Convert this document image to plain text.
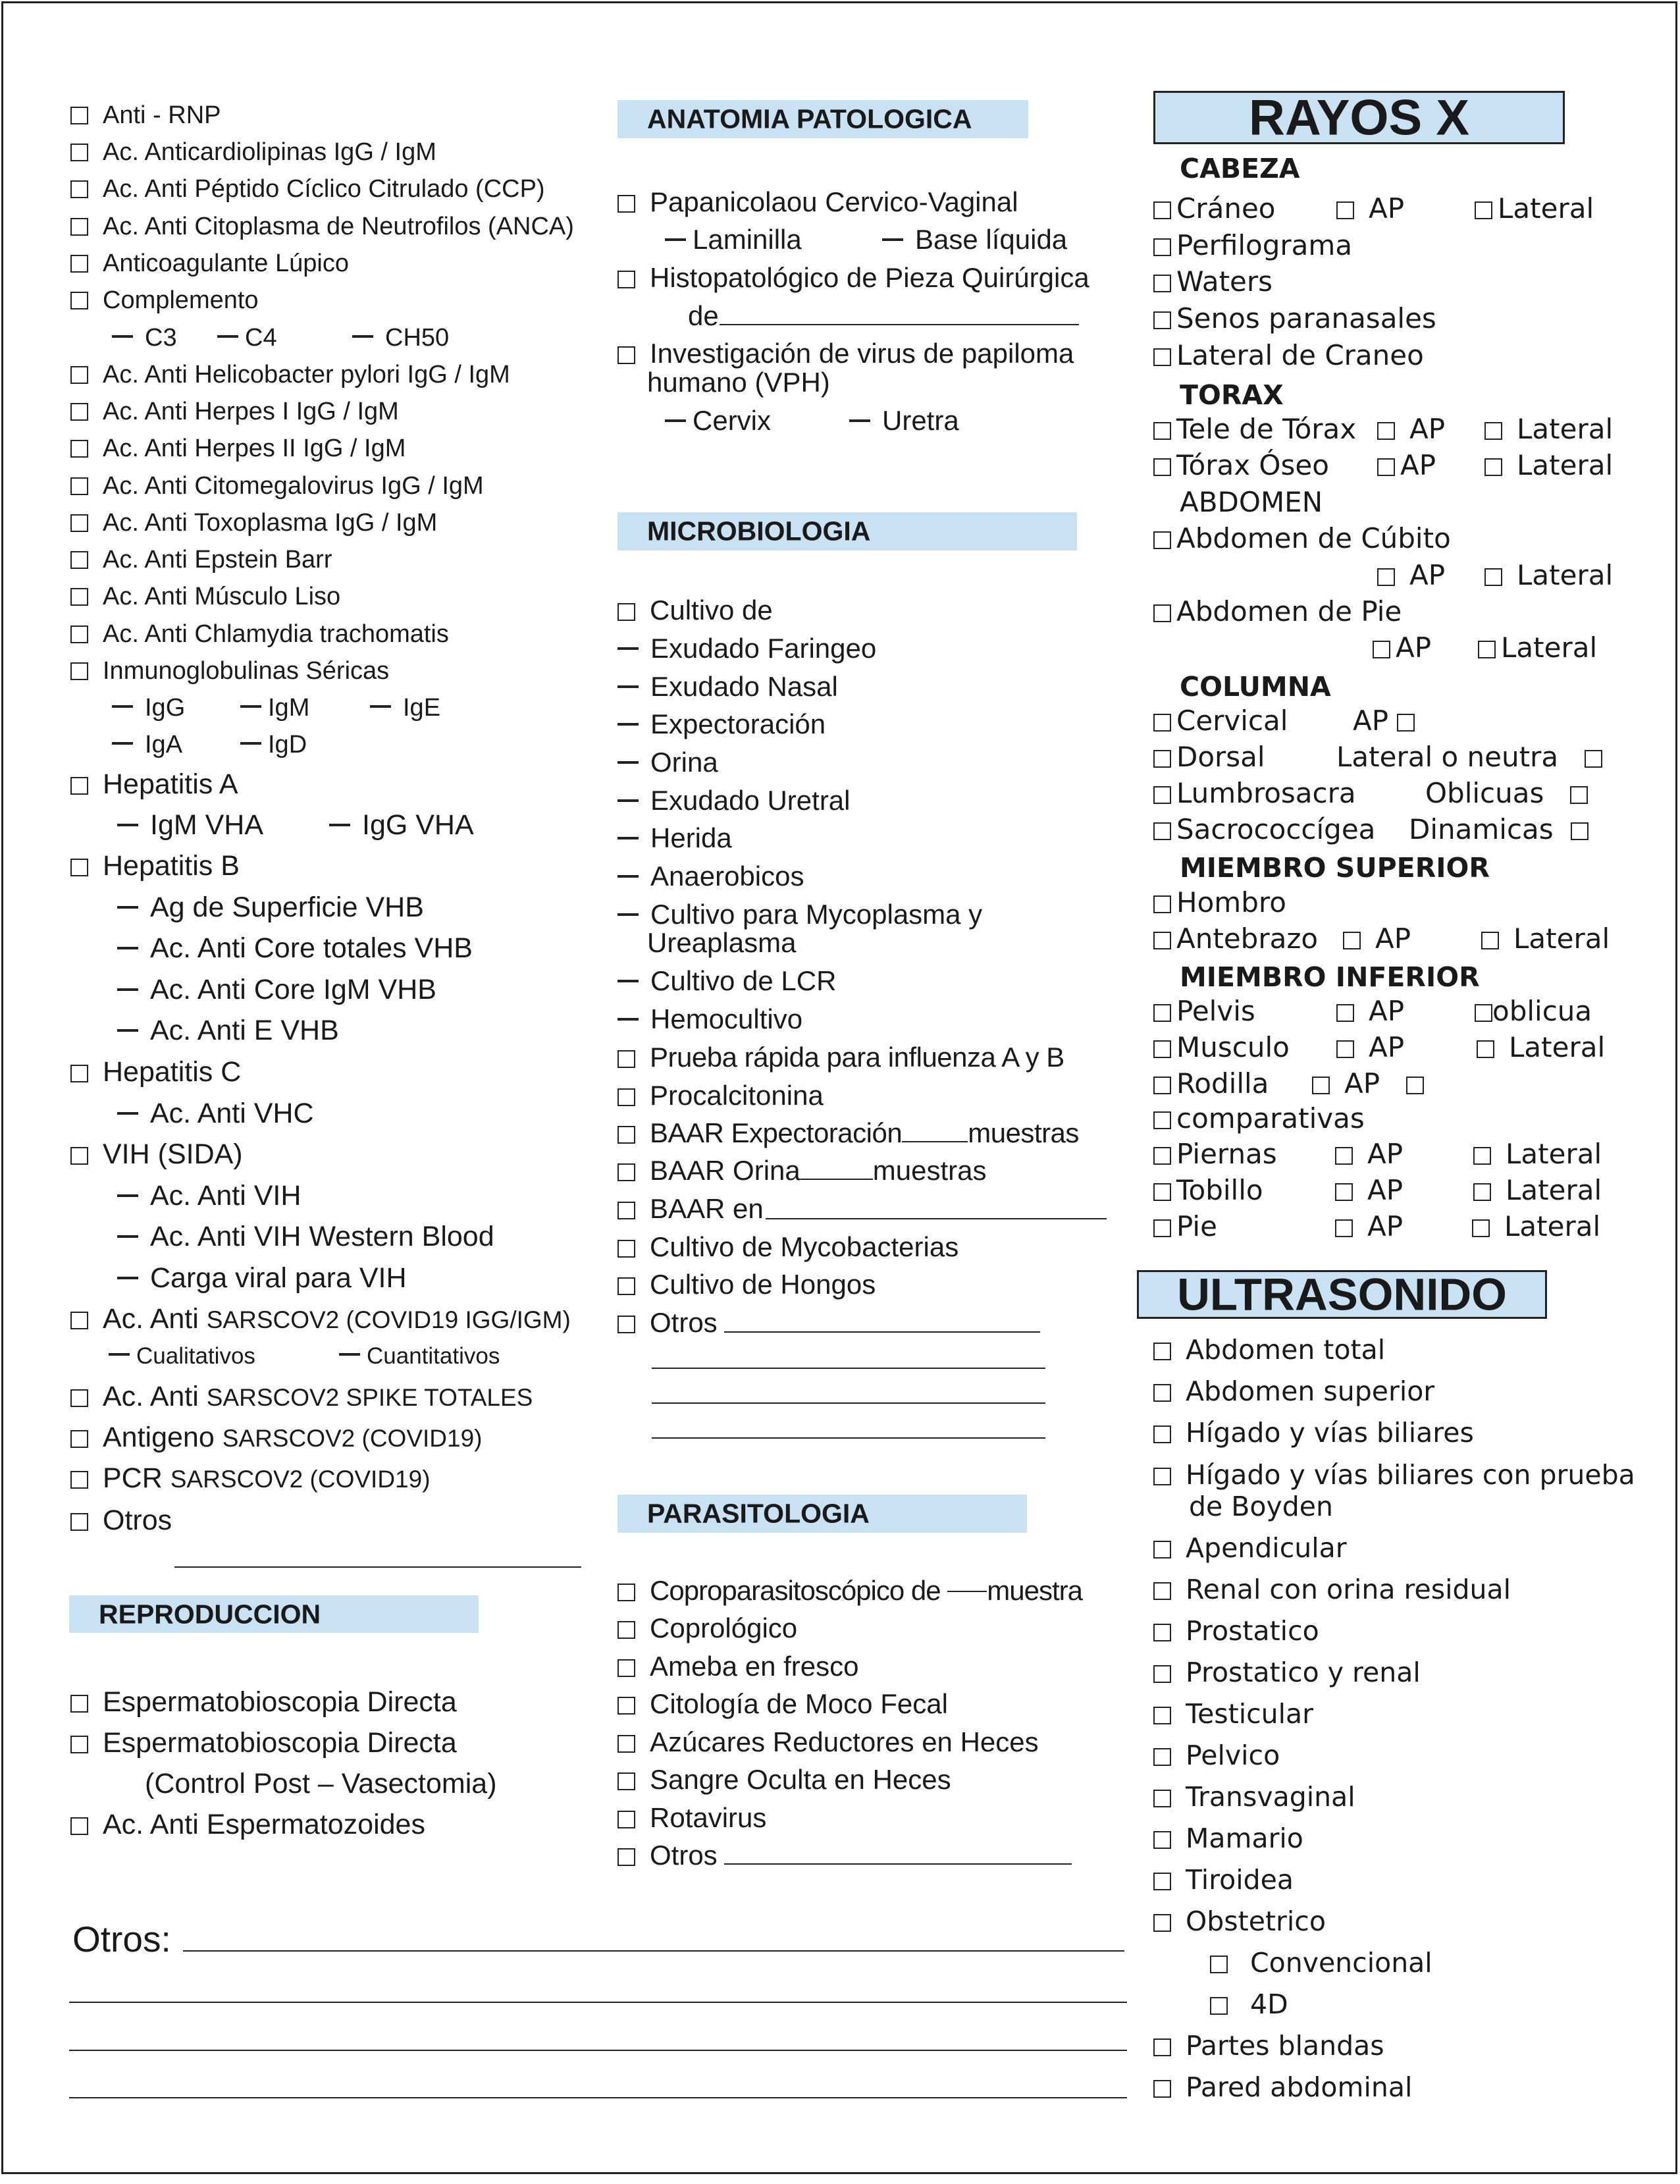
Anti - RNP
Ac. Anticardiolipinas IgG / IgM
Ac. Anti Péptido Cíclico Citrulado (CCP)
Ac. Anti Citoplasma de Neutrofilos (ANCA)
Anticoagulante Lúpico
Complemento
C3	C4	CH50
Ac. Anti Helicobacter pylori IgG / IgM
Ac. Anti Herpes I IgG / IgM
Ac. Anti Herpes II IgG / IgM
Ac. Anti Citomegalovirus IgG / IgM
Ac. Anti Toxoplasma IgG / IgM
Ac. Anti Epstein Barr
Ac. Anti Músculo Liso
Ac. Anti Chlamydia trachomatis
Inmunoglobulinas Séricas
IgG	IgM	IgE
IgA	IgD
Hepatitis A
IgM VHA	IgG VHA
Hepatitis B
Ag de Superficie VHB
Ac. Anti Core totales VHB
Ac. Anti Core IgM VHB
Ac. Anti E VHB
Hepatitis C
Ac. Anti VHC
VIH (SIDA)
Ac. Anti VIH
Ac. Anti VIH Western Blood
Carga viral para VIH
Ac. Anti SARSCOV2 (COVID19 IGG/IGM)
Cualitativos	Cuantitativos
Ac. Anti SARSCOV2 SPIKE TOTALES
Antigeno SARSCOV2 (COVID19)
PCR SARSCOV2 (COVID19)
Otros
REPRODUCCION
Espermatobioscopia Directa
Espermatobioscopia Directa
(Control Post – Vasectomia)
Ac. Anti Espermatozoides
ANATOMIA PATOLOGICA
Papanicolaou Cervico-Vaginal
Laminilla	Base líquida
Histopatológico de Pieza Quirúrgica
de
Investigación de virus de papiloma
humano (VPH)
Cervix	Uretra
MICROBIOLOGIA
Cultivo de
Exudado Faringeo
Exudado Nasal
Expectoración
Orina
Exudado Uretral
Herida
Anaerobicos
Cultivo para Mycoplasma y
Ureaplasma
Cultivo de LCR
Hemocultivo
Prueba rápida para influenza A y B
Procalcitonina
BAAR Expectoración muestras
BAAR Orina	muestras
BAAR en
Cultivo de Mycobacterias
Cultivo de Hongos
Otros
PARASITOLOGIA
Coproparasitoscópico de muestra
Coprológico
Ameba en fresco
Citología de Moco Fecal
Azúcares Reductores en Heces
Sangre Oculta en Heces
Rotavirus
Otros
Otros:
RAYOS X
CABEZA
Cráneo	AP	Lateral
Perfilograma
Waters
Senos paranasales
Lateral de Craneo
TORAX
Tele de Tórax	AP	Lateral
Tórax Óseo	AP	Lateral
ABDOMEN
Abdomen de Cúbito
AP	Lateral
Abdomen de Pie
AP	Lateral
COLUMNA
Cervical AP
Dorsal	Lateral o neutra
Lumbrosacra	Oblicuas
Sacrococcígea Dinamicas
MIEMBRO SUPERIOR
Hombro
Antebrazo	AP	Lateral
MIEMBRO INFERIOR
Pelvis	AP	oblicua
Musculo	AP	Lateral
Rodilla	AP
comparativas
Piernas	AP	Lateral
Tobillo	AP	Lateral
Pie	AP	Lateral
ULTRASONIDO
Abdomen total
Abdomen superior
Hígado y vías biliares
Hígado y vías biliares con prueba
de Boyden
Apendicular
Renal con orina residual
Prostatico
Prostatico y renal
Testicular
Pelvico
Transvaginal
Mamario
Tiroidea
Obstetrico
Convencional
4D
Partes blandas
Pared abdominal
